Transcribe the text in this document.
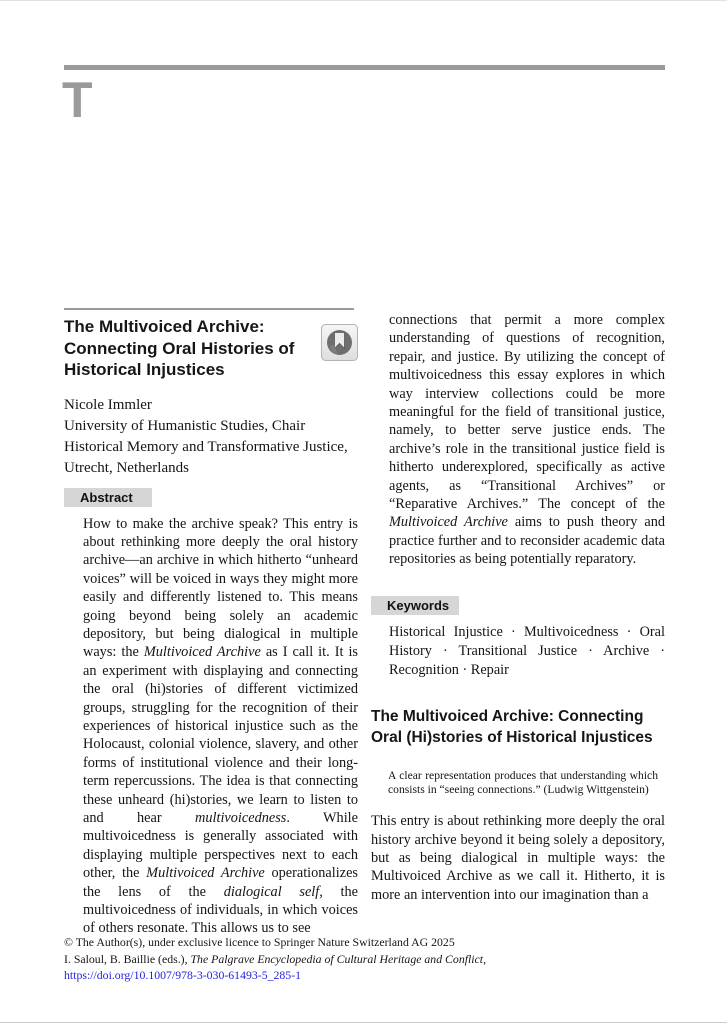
T
The Multivoiced Archive: Connecting Oral Histories of Historical Injustices
Nicole Immler
University of Humanistic Studies, Chair Historical Memory and Transformative Justice, Utrecht, Netherlands
Abstract

How to make the archive speak? This entry is about rethinking more deeply the oral history archive—an archive in which hitherto “unheard voices” will be voiced in ways they might more easily and differently listened to. This means going beyond being solely an academic depository, but being dialogical in multiple ways: the Multivoiced Archive as I call it. It is an experiment with displaying and connecting the oral (hi)stories of different victimized groups, struggling for the recognition of their experiences of historical injustice such as the Holocaust, colonial violence, slavery, and other forms of institutional violence and their long-term repercussions. The idea is that connecting these unheard (hi)stories, we learn to listen to and hear multivoicedness. While multivoicedness is generally associated with displaying multiple perspectives next to each other, the Multivoiced Archive operationalizes the lens of the dialogical self, the multivoicedness of individuals, in which voices of others resonate. This allows us to see

connections that permit a more complex understanding of questions of recognition, repair, and justice. By utilizing the concept of multivoicedness this essay explores in which way interview collections could be more meaningful for the field of transitional justice, namely, to better serve justice ends. The archive’s role in the transitional justice field is hitherto underexplored, specifically as active agents, as “Transitional Archives” or “Reparative Archives.” The concept of the Multivoiced Archive aims to push theory and practice further and to reconsider academic data repositories as being potentially reparatory.

Keywords

Historical Injustice · Multivoicedness · Oral History · Transitional Justice · Archive · Recognition · Repair

The Multivoiced Archive: Connecting Oral (Hi)stories of Historical Injustices

A clear representation produces that understanding which consists in “seeing connections.” (Ludwig Wittgenstein)

This entry is about rethinking more deeply the oral history archive beyond it being solely a depository, but as being dialogical in multiple ways: the Multivoiced Archive as we call it. Hitherto, it is more an intervention into our imagination than a

© The Author(s), under exclusive licence to Springer Nature Switzerland AG 2025
I. Saloul, B. Baillie (eds.), The Palgrave Encyclopedia of Cultural Heritage and Conflict,
https://doi.org/10.1007/978-3-030-61493-5_285-1
